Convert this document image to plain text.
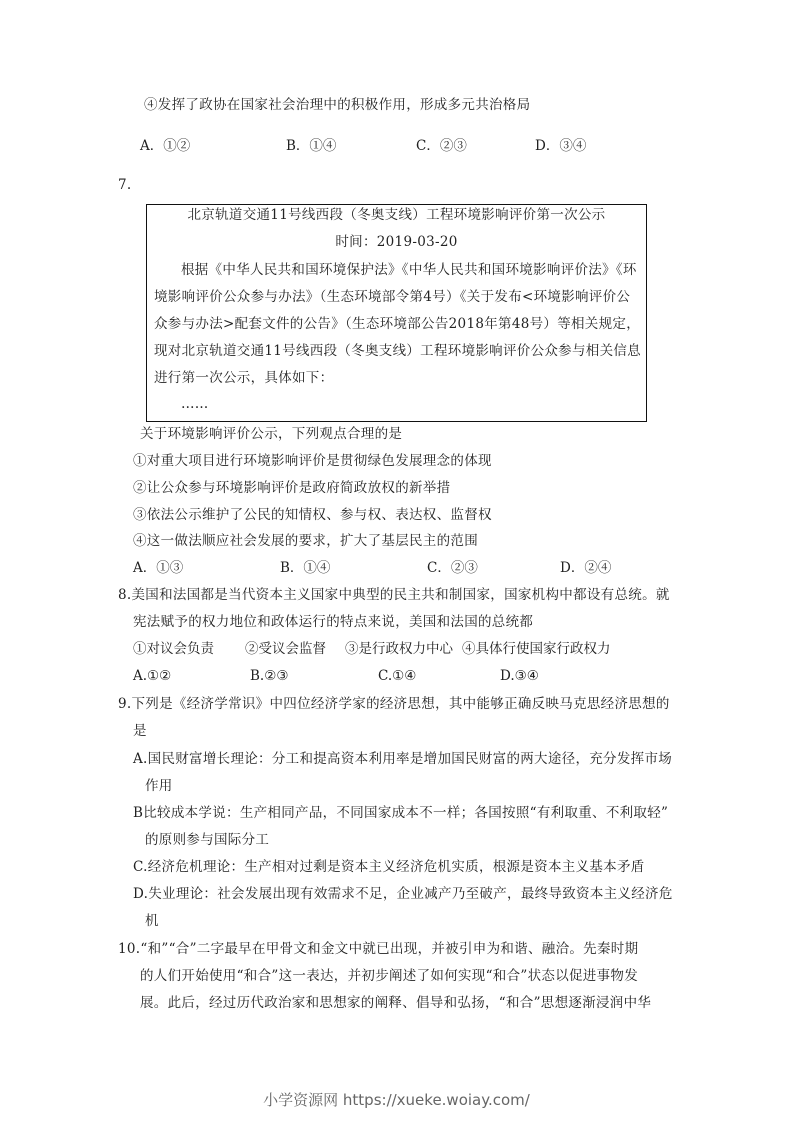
④发挥了政协在国家社会治理中的积极作用，形成多元共治格局
A．①②	B．①④	C．②③	D．③④
7.
北京轨道交通11号线西段（冬奥支线）工程环境影响评价第一次公示
时间：2019-03-20
根据《中华人民共和国环境保护法》《中华人民共和国环境影响评价法》《环
境影响评价公众参与办法》（生态环境部令第4号）《关于发布<环境影响评价公
众参与办法>配套文件的公告》（生态环境部公告2018年第48号）等相关规定，
现对北京轨道交通11号线西段（冬奥支线）工程环境影响评价公众参与相关信息
进行第一次公示，具体如下：
……
关于环境影响评价公示，下列观点合理的是
①对重大项目进行环境影响评价是贯彻绿色发展理念的体现
②让公众参与环境影响评价是政府简政放权的新举措
③依法公示维护了公民的知情权、参与权、表达权、监督权
④这一做法顺应社会发展的要求，扩大了基层民主的范围
A．①③	B．①④	C．②③	D．②④
8.美国和法国都是当代资本主义国家中典型的民主共和制国家，国家机构中都设有总统。就
宪法赋予的权力地位和政体运行的特点来说，美国和法国的总统都
①对议会负责 ②受议会监督 ③是行政权力中心 ④具体行使国家行政权力
A.①②	B.②③	C.①④	D.③④
9.下列是《经济学常识》中四位经济学家的经济思想，其中能够正确反映马克思经济思想的
是
A.国民财富增长理论：分工和提高资本利用率是增加国民财富的两大途径，充分发挥市场
作用
B比较成本学说：生产相同产品，不同国家成本不一样；各国按照“有利取重、不利取轻”
的原则参与国际分工
C.经济危机理论：生产相对过剩是资本主义经济危机实质，根源是资本主义基本矛盾
D.失业理论：社会发展出现有效需求不足，企业减产乃至破产，最终导致资本主义经济危
机
10.“和”“合”二字最早在甲骨文和金文中就已出现，并被引申为和谐、融洽。先秦时期
的人们开始使用“和合”这一表达，并初步阐述了如何实现“和合”状态以促进事物发
展。此后，经过历代政治家和思想家的阐释、倡导和弘扬，“和合”思想逐渐浸润中华
小学资源网 https://xueke.woiay.com/
